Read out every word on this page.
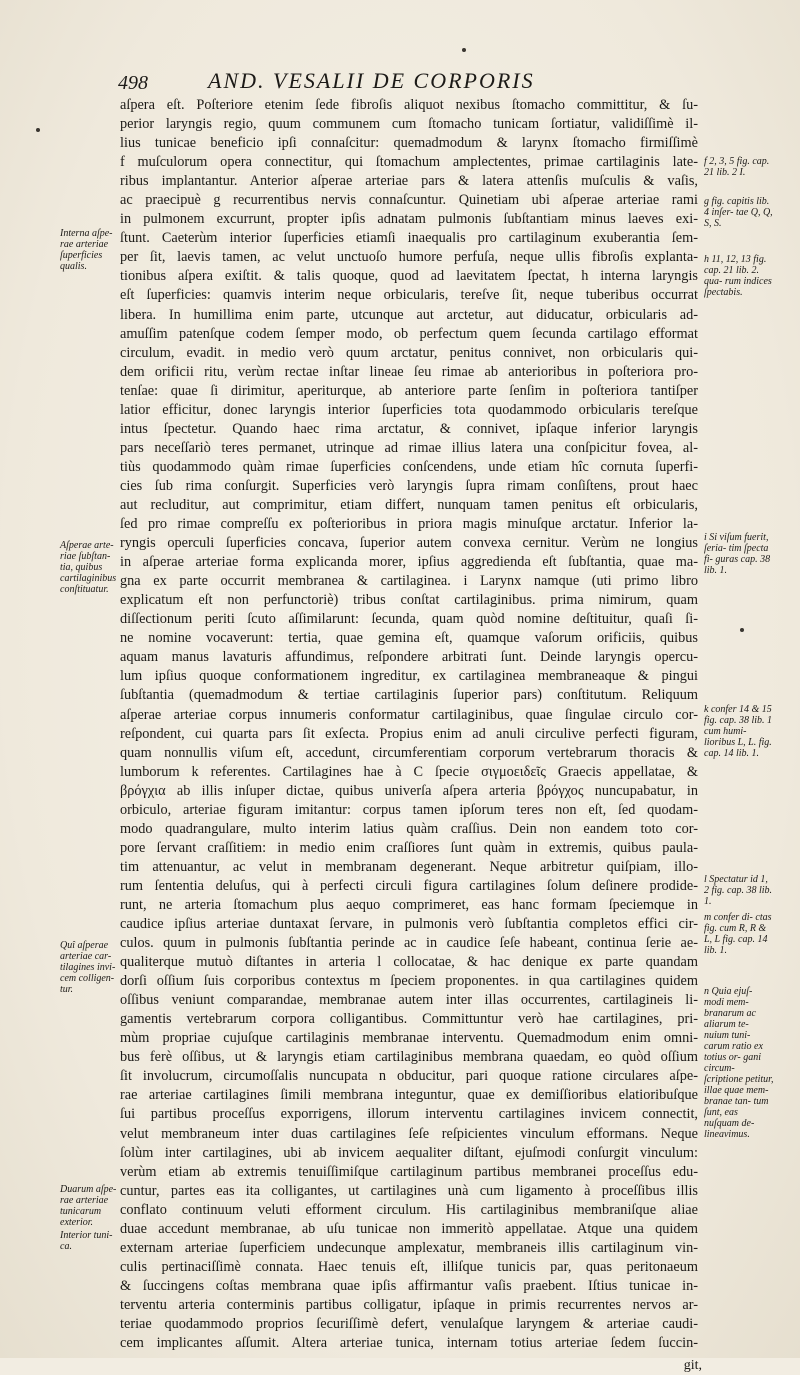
498	AND. VESALII DE CORPORIS
aſpera eſt. Poſteriore etenim ſede fibroſis aliquot nexibus ſtomacho committitur, & ſu-
perior laryngis regio, quum communem cum ſtomacho tunicam ſortiatur, validiſſimè il-
lius tunicae beneficio ipſi connaſcitur: quemadmodum & larynx ſtomacho firmiſſimè
f muſculorum opera connectitur, qui ſtomachum amplectentes, primae cartilaginis late-
ribus implantantur. Anterior aſperae arteriae pars & latera attenſis muſculis & vaſis,
ac praecipuè g recurrentibus nervis connaſcuntur. Quinetiam ubi aſperae arteriae rami
in pulmonem excurrunt, propter ipſis adnatam pulmonis ſubſtantiam minus laeves exi-
ſtunt. Caeterùm interior ſuperficies etiamſi inaequalis pro cartilaginum exuberantia ſem-
per ſit, laevis tamen, ac velut unctuoſo humore perfuſa, neque ullis fibroſis explanta-
tionibus aſpera exiſtit. & talis quoque, quod ad laevitatem ſpectat, h interna laryngis
eſt ſuperficies: quamvis interim neque orbicularis, tereſve ſit, neque tuberibus occurrat
libera. In humillima enim parte, utcunque aut arctetur, aut diducatur, orbicularis ad-
amuſſim patenſque codem ſemper modo, ob perfectum quem ſecunda cartilago efformat
circulum, evadit. in medio verò quum arctatur, penitus connivet, non orbicularis qui-
dem orificii ritu, verùm rectae inſtar lineae ſeu rimae ab anterioribus in poſteriora pro-
tenſae: quae ſi dirimitur, aperiturque, ab anteriore parte ſenſim in poſteriora tantiſper
latior efficitur, donec laryngis interior ſuperficies tota quodammodo orbicularis tereſque
intus ſpectetur. Quando haec rima arctatur, & connivet, ipſaque inferior laryngis
pars neceſſariò teres permanet, utrinque ad rimae illius latera una conſpicitur fovea, al-
tiùs quodammodo quàm rimae ſuperficies conſcendens, unde etiam hîc cornuta ſuperfi-
cies ſub rima conſurgit. Superficies verò laryngis ſupra rimam conſiſtens, prout haec
aut recluditur, aut comprimitur, etiam differt, nunquam tamen penitus eſt orbicularis,
ſed pro rimae compreſſu ex poſterioribus in priora magis minuſque arctatur. Inferior la-
ryngis operculi ſuperficies concava, ſuperior autem convexa cernitur. Verùm ne longius
in aſperae arteriae forma explicanda morer, ipſius aggredienda eſt ſubſtantia, quae ma-
gna ex parte occurrit membranea & cartilaginea. i Larynx namque (uti primo libro
explicatum eſt non perfunctoriè) tribus conſtat cartilaginibus. prima nimirum, quam
diſſectionum periti ſcuto aſſimilarunt: ſecunda, quam quòd nomine deſtituitur, quaſi ſi-
ne nomine vocaverunt: tertia, quae gemina eſt, quamque vaſorum orificiis, quibus
aquam manus lavaturis affundimus, reſpondere arbitrati ſunt. Deinde laryngis opercu-
lum ipſius quoque conformationem ingreditur, ex cartilaginea membraneaque & pingui
ſubſtantia (quemadmodum & tertiae cartilaginis ſuperior pars) conſtitutum. Reliquum
aſperae arteriae corpus innumeris conformatur cartilaginibus, quae ſingulae circulo cor-
reſpondent, cui quarta pars ſit exſecta. Propius enim ad anuli circulive perfecti figuram,
quam nonnullis viſum eſt, accedunt, circumferentiam corporum vertebrarum thoracis &
lumborum k referentes. Cartilagines hae à C ſpecie σιγμοειδεῖς Graecis appellatae, &
βρόγχια ab illis inſuper dictae, quibus univerſa aſpera arteria βρόγχος nuncupabatur, in
orbiculo, arteriae figuram imitantur: corpus tamen ipſorum teres non eſt, ſed quodam-
modo quadrangulare, multo interim latius quàm craſſius. Dein non eandem toto cor-
pore ſervant craſſitiem: in medio enim craſſiores ſunt quàm in extremis, quibus paula-
tim attenuantur, ac velut in membranam degenerant. Neque arbitretur quiſpiam, illo-
rum ſententia deluſus, qui à perfecti circuli figura cartilagines ſolum deſinere prodide-
runt, ne arteria ſtomachum plus aequo comprimeret, eas hanc formam ſpeciemque in
caudice ipſius arteriae duntaxat ſervare, in pulmonis verò ſubſtantia completos effici cir-
culos. quum in pulmonis ſubſtantia perinde ac in caudice ſeſe habeant, continua ſerie ae-
qualiterque mutuò diſtantes in arteria l collocatae, & hac denique ex parte quandam
dorſi oſſium ſuis corporibus contextus m ſpeciem proponentes. in qua cartilagines quidem
oſſibus veniunt comparandae, membranae autem inter illas occurrentes, cartilagineis li-
gamentis vertebrarum corpora colligantibus. Committuntur verò hae cartilagines, pri-
mùm propriae cujuſque cartilaginis membranae interventu. Quemadmodum enim omni-
bus ferè oſſibus, ut & laryngis etiam cartilaginibus membrana quaedam, eo quòd oſſium
ſit involucrum, circumoſſalis nuncupata n obducitur, pari quoque ratione circulares aſpe-
rae arteriae cartilagines ſimili membrana integuntur, quae ex demiſſioribus elatioribuſque
ſui partibus proceſſus exporrigens, illorum interventu cartilagines invicem connectit,
velut membraneum inter duas cartilagines ſeſe reſpicientes vinculum efformans. Neque
ſolùm inter cartilagines, ubi ab invicem aequaliter diſtant, ejuſmodi conſurgit vinculum:
verùm etiam ab extremis tenuiſſimiſque cartilaginum partibus membranei proceſſus edu-
cuntur, partes eas ita colligantes, ut cartilagines unà cum ligamento à proceſſibus illis
conflato continuum veluti efforment circulum. His cartilaginibus membraniſque aliae
duae accedunt membranae, ab uſu tunicae non immeritò appellatae. Atque una quidem
externam arteriae ſuperficiem undecunque amplexatur, membraneis illis cartilaginum vin-
culis pertinaciſſimè connata. Haec tenuis eſt, illiſque tunicis par, quas peritonaeum
& ſuccingens coſtas membrana quae ipſis affirmantur vaſis praebent. Iſtius tunicae in-
terventu arteria conterminis partibus colligatur, ipſaque in primis recurrentes nervos ar-
teriae quodammodo proprios ſecuriſſimè defert, venulaſque laryngem & arteriae caudi-
cem implicantes aſſumit. Altera arteriae tunica, internam totius arteriae ſedem ſuccin-
git,
Interna aſpe- rae arteriae ſuperficies qualis.
Aſperae arte- riae ſubſtan- tia, quibus cartilaginibus conſtituatur.
Quî aſperae arteriae car- tilagines invi- cem colligen- tur.
Duarum aſpe- rae arteriae tunicarum exterior.
Interior tuni- ca.
f 2, 3, 5 fig. cap. 21 lib. 2 I.
g fig. capitis lib. 4 inſer- tae Q, Q, S, S.
h 11, 12, 13 fig. cap. 21 lib. 2. qua- rum indices ſpectabis.
i Si viſum fuerit, ſeria- tim ſpecta fi- guras cap. 38 lib. 1.
k confer 14 & 15 fig. cap. 38 lib. 1 cum humi- lioribus L, L. fig. cap. 14 lib. 1.
l Spectatur id 1, 2 fig. cap. 38 lib. 1.
m confer di- ctas fig. cum R, R & L, L fig. cap. 14 lib. 1.
n Quia ejuſ- modi mem- branarum ac aliarum te- nuium tuni- carum ratio ex totius or- gani circum- ſcriptione petitur, illae quae mem- branae tan- tum ſunt, eas nuſquam de- lineavimus.
